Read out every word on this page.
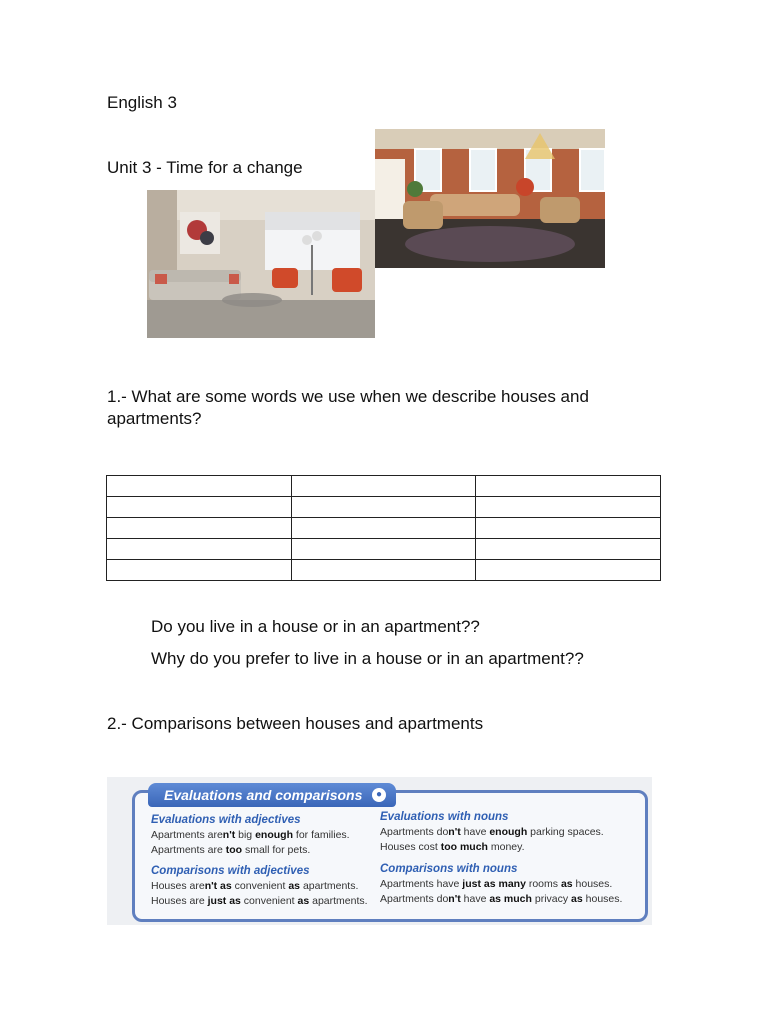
English 3
Unit 3 - Time for a change
1.- What are some words we use when we describe houses and apartments?

Do you live in a house or in an apartment??
Why do you prefer to live in a house or in an apartment??
2.- Comparisons between houses and apartments
Evaluations and comparisons	●
Evaluations with adjectives
Apartments aren't big enough for families.
Apartments are too small for pets.
Comparisons with adjectives
Houses aren't as convenient as apartments.
Houses are just as convenient as apartments.
Evaluations with nouns
Apartments don't have enough parking spaces.
Houses cost too much money.
Comparisons with nouns
Apartments have just as many rooms as houses.
Apartments don't have as much privacy as houses.
